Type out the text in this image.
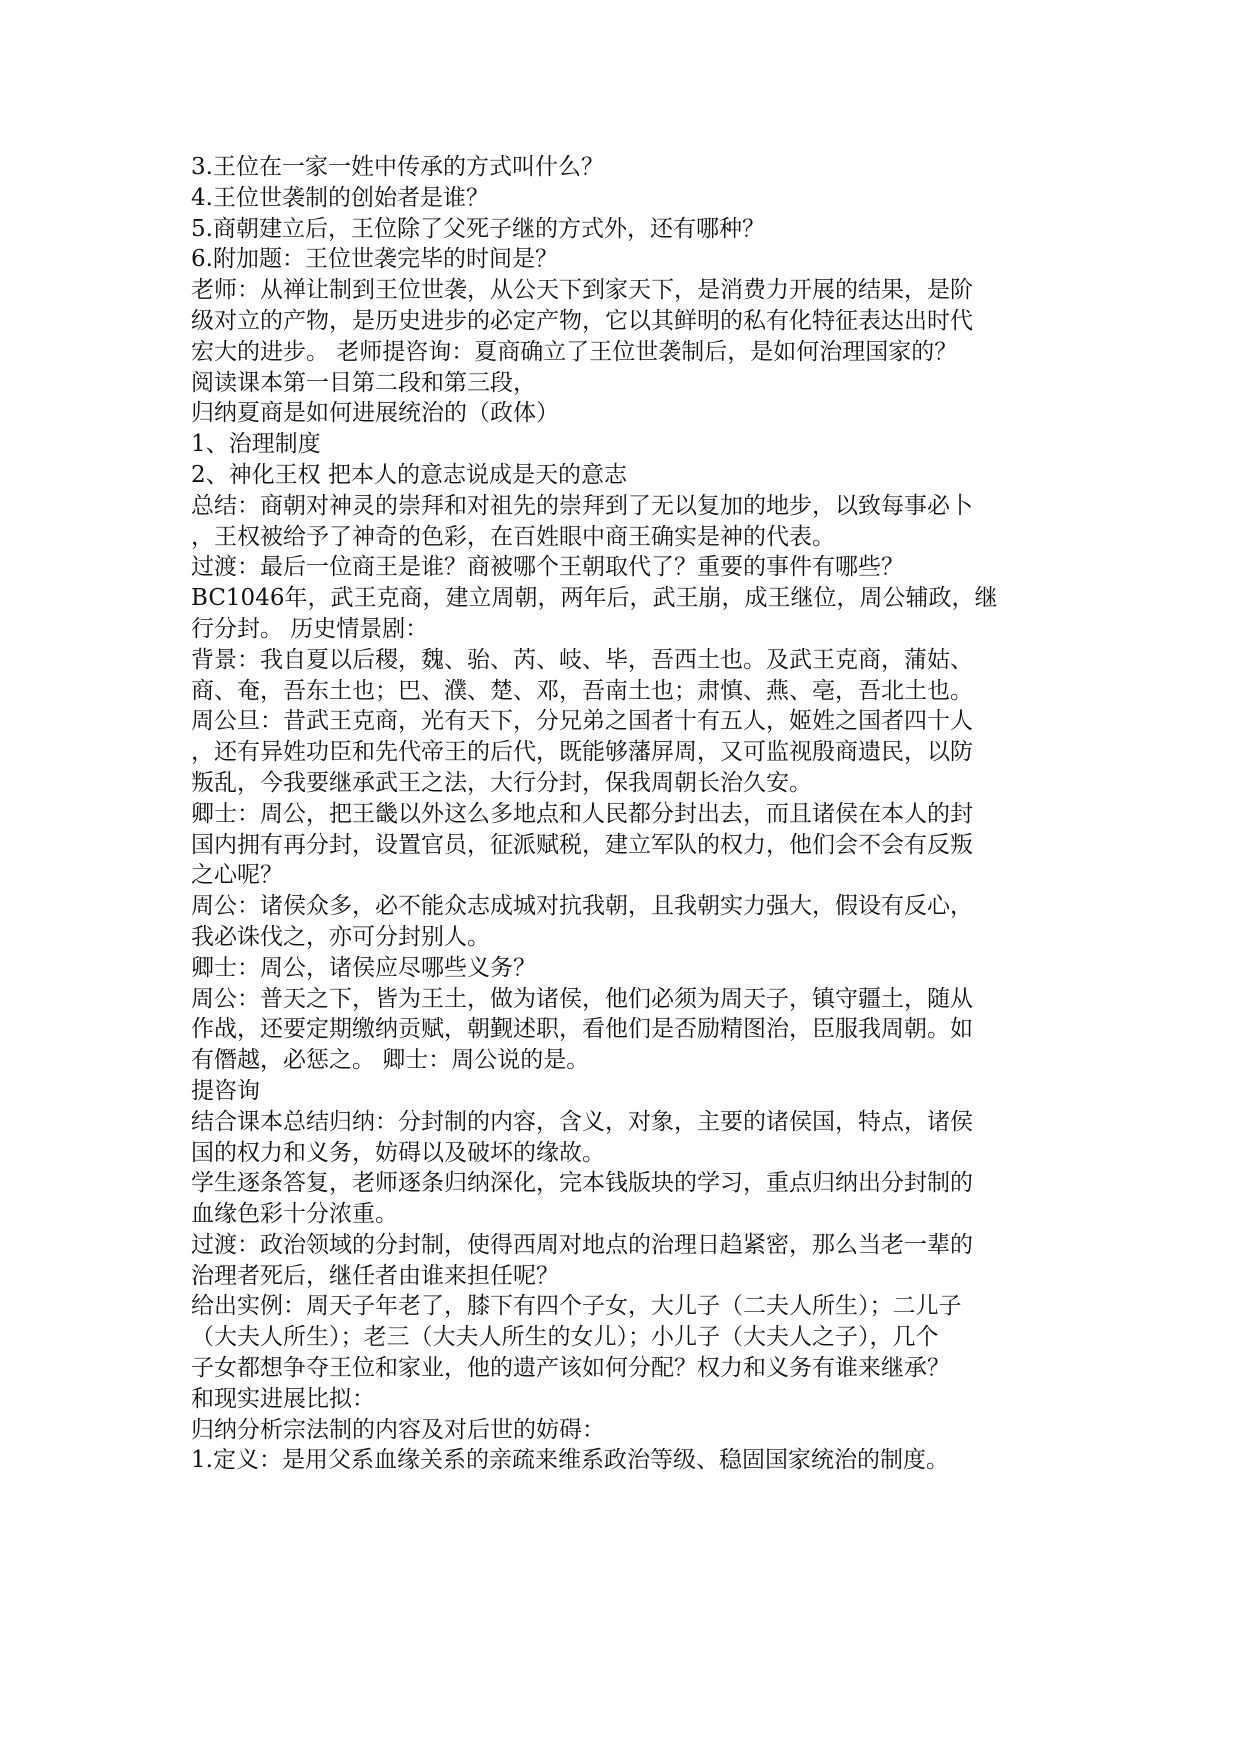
3.王位在一家一姓中传承的方式叫什么？
4.王位世袭制的创始者是谁？
5.商朝建立后，王位除了父死子继的方式外，还有哪种？
6.附加题：王位世袭完毕的时间是？
老师：从禅让制到王位世袭，从公天下到家天下，是消费力开展的结果，是阶
级对立的产物，是历史进步的必定产物，它以其鲜明的私有化特征表达出时代
宏大的进步。 老师提咨询：夏商确立了王位世袭制后，是如何治理国家的？
阅读课本第一目第二段和第三段，
归纳夏商是如何进展统治的（政体）
1、治理制度
2、神化王权 把本人的意志说成是天的意志
总结：商朝对神灵的崇拜和对祖先的崇拜到了无以复加的地步，以致每事必卜
，王权被给予了神奇的色彩，在百姓眼中商王确实是神的代表。
过渡：最后一位商王是谁？商被哪个王朝取代了？重要的事件有哪些？
BC1046年，武王克商，建立周朝，两年后，武王崩，成王继位，周公辅政，继
行分封。 历史情景剧：
背景：我自夏以后稷，魏、骀、芮、岐、毕，吾西土也。及武王克商，蒲姑、
商、奄，吾东土也；巴、濮、楚、邓，吾南土也；肃慎、燕、亳，吾北土也。
周公旦：昔武王克商，光有天下，分兄弟之国者十有五人，姬姓之国者四十人
，还有异姓功臣和先代帝王的后代，既能够藩屏周，又可监视殷商遗民，以防
叛乱，今我要继承武王之法，大行分封，保我周朝长治久安。
卿士：周公，把王畿以外这么多地点和人民都分封出去，而且诸侯在本人的封
国内拥有再分封，设置官员，征派赋税，建立军队的权力，他们会不会有反叛
之心呢？
周公：诸侯众多，必不能众志成城对抗我朝，且我朝实力强大，假设有反心，
我必诛伐之，亦可分封别人。
卿士：周公，诸侯应尽哪些义务？
周公：普天之下，皆为王土，做为诸侯，他们必须为周天子，镇守疆土，随从
作战，还要定期缴纳贡赋，朝觐述职，看他们是否励精图治，臣服我周朝。如
有僭越，必惩之。 卿士：周公说的是。
提咨询
结合课本总结归纳：分封制的内容，含义，对象，主要的诸侯国，特点，诸侯
国的权力和义务，妨碍以及破坏的缘故。
学生逐条答复，老师逐条归纳深化，完本钱版块的学习，重点归纳出分封制的
血缘色彩十分浓重。
过渡：政治领域的分封制，使得西周对地点的治理日趋紧密，那么当老一辈的
治理者死后，继任者由谁来担任呢？
给出实例：周天子年老了，膝下有四个子女，大儿子（二夫人所生）；二儿子
（大夫人所生）；老三（大夫人所生的女儿）；小儿子（大夫人之子），几个
子女都想争夺王位和家业，他的遗产该如何分配？权力和义务有谁来继承？
和现实进展比拟：
归纳分析宗法制的内容及对后世的妨碍：
1.定义：是用父系血缘关系的亲疏来维系政治等级、稳固国家统治的制度。
